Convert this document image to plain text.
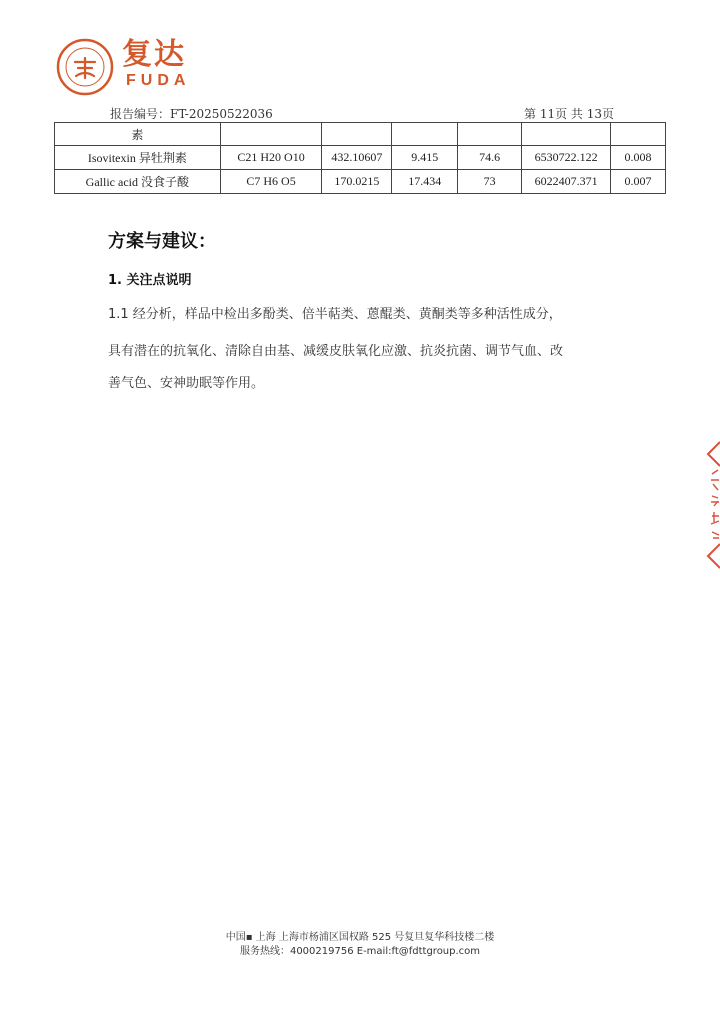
复达
FUDA
报告编号：FT-20250522036	第 11页 共 13页
素						
Isovitexin 异牡荆素	C21 H20 O10	432.10607	9.415	74.6	6530722.122	0.008
Gallic acid 没食子酸	C7 H6 O5	170.0215	17.434	73	6022407.371	0.007
方案与建议：
1. 关注点说明
1.1 经分析，样品中检出多酚类、倍半萜类、蒽醌类、黄酮类等多种活性成分，
具有潜在的抗氧化、清除自由基、减缓皮肤氧化应激、抗炎抗菌、调节气血、改
善气色、安神助眠等作用。
中国▪ 上海 上海市杨浦区国权路 525 号复旦复华科技楼二楼
服务热线：4000219756 E-mail:ft@fdttgroup.com
